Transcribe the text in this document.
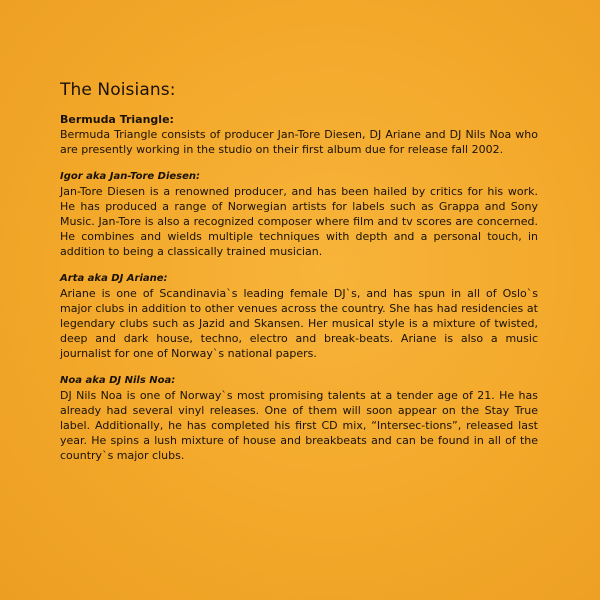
The Noisians:

Bermuda Triangle:

Bermuda Triangle consists of producer Jan-Tore Diesen, DJ Ariane and DJ Nils Noa who are presently working in the studio on their first album due for release fall 2002.

Igor aka Jan-Tore Diesen:

Jan-Tore Diesen is a renowned producer, and has been hailed by critics for his work. He has produced a range of Norwegian artists for labels such as Grappa and Sony Music. Jan-Tore is also a recognized composer where film and tv scores are concerned. He combines and wields multiple techniques with depth and a personal touch, in addition to being a classically trained musician.

Arta aka DJ Ariane:

Ariane is one of Scandinavia`s leading female DJ`s, and has spun in all of Oslo`s major clubs in addition to other venues across the country. She has had residencies at legendary clubs such as Jazid and Skansen. Her musical style is a mixture of twisted, deep and dark house, techno, electro and break-beats. Ariane is also a music journalist for one of Norway`s national papers.

Noa aka DJ Nils Noa:

DJ Nils Noa is one of Norway`s most promising talents at a tender age of 21. He has already had several vinyl releases. One of them will soon appear on the Stay True label. Additionally, he has completed his first CD mix, “Intersec-tions”, released last year. He spins a lush mixture of house and breakbeats and can be found in all of the country`s major clubs.
